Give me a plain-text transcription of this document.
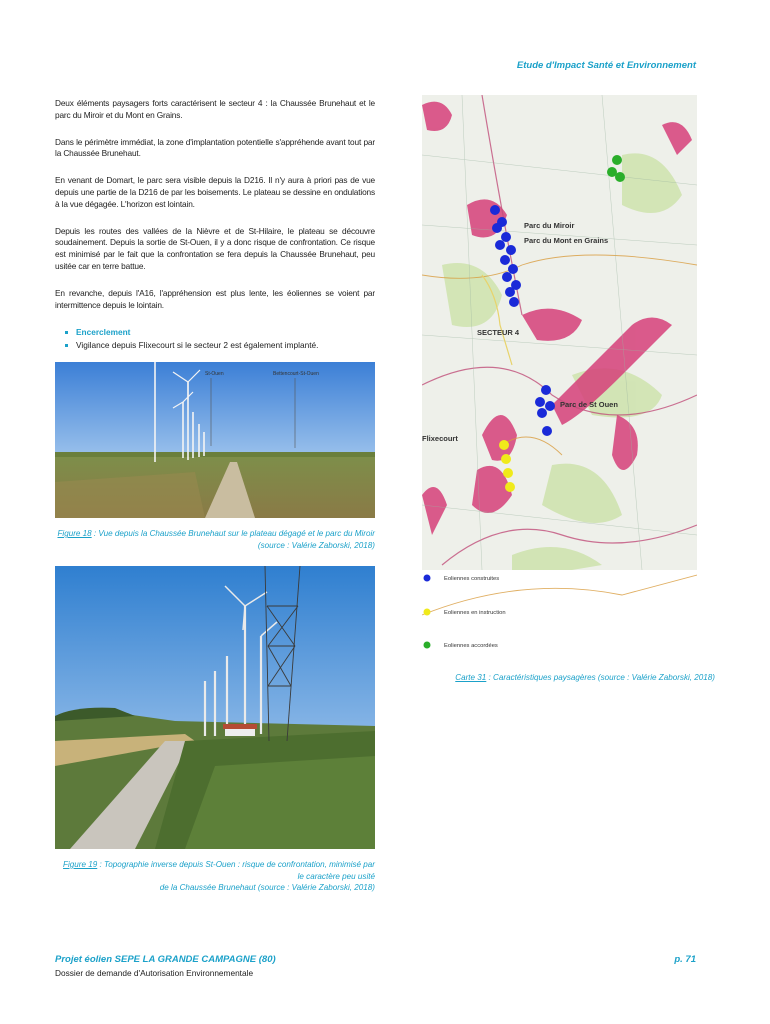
Etude d'Impact Santé et Environnement

Deux éléments paysagers forts caractérisent le secteur 4 : la Chaussée Brunehaut et le parc du Miroir et du Mont en Grains.

Dans le périmètre immédiat, la zone d'implantation potentielle s'appréhende avant tout par la Chaussée Brunehaut.

En venant de Domart, le parc sera visible depuis la D216. Il n'y aura à priori pas de vue depuis une partie de la D216 de par les boisements. Le plateau se dessine en ondulations à la vue dégagée. L'horizon est lointain.

Depuis les routes des vallées de la Nièvre et de St-Hilaire, le plateau se découvre soudainement. Depuis la sortie de St-Ouen, il y a donc risque de confrontation. Ce risque est minimisé par le fait que la confrontation se fera depuis la Chaussée Brunehaut, peu usitée car en terre battue.

En revanche, depuis l'A16, l'appréhension est plus lente, les éoliennes se voient par intermittence depuis le lointain.

Encerclement
Vigilance depuis Flixecourt si le secteur 2 est également implanté.
St-Ouen	Bettencourt-St-Ouen
Figure 18 : Vue depuis la Chaussée Brunehaut sur le plateau dégagé et le parc du Miroir
(source : Valérie Zaborski, 2018)
Figure 19 : Topographie inverse depuis St-Ouen : risque de confrontation, minimisé par le caractère peu usité
de la Chaussée Brunehaut (source : Valérie Zaborski, 2018)
Parc du Miroir
Parc du Mont en Grains
SECTEUR 4
Parc de St Ouen
Flixecourt
Eoliennes construites
Eoliennes en instruction
Eoliennes accordées
Carte 31 : Caractéristiques paysagères (source : Valérie Zaborski, 2018)
Projet éolien SEPE LA GRANDE CAMPAGNE (80)
Dossier de demande d'Autorisation Environnementale
p. 71
